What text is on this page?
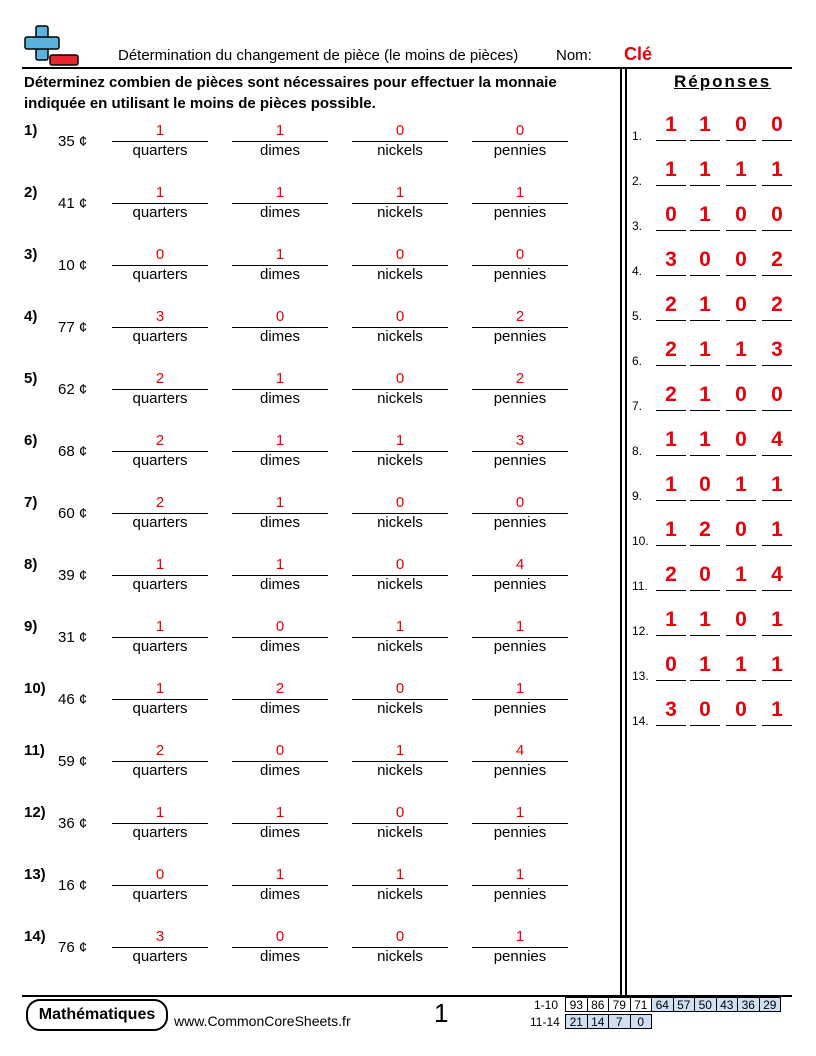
Détermination du changement de pièce (le moins de pièces)	Nom: Clé
Déterminez combien de pièces sont nécessaires pour effectuer la monnaie indiquée en utilisant le moins de pièces possible.
Réponses
1)
35 ¢
1
quarters
1
dimes
0
nickels
0
pennies
2)
41 ¢
1
quarters
1
dimes
1
nickels
1
pennies
3)
10 ¢
0
quarters
1
dimes
0
nickels
0
pennies
4)
77 ¢
3
quarters
0
dimes
0
nickels
2
pennies
5)
62 ¢
2
quarters
1
dimes
0
nickels
2
pennies
6)
68 ¢
2
quarters
1
dimes
1
nickels
3
pennies
7)
60 ¢
2
quarters
1
dimes
0
nickels
0
pennies
8)
39 ¢
1
quarters
1
dimes
0
nickels
4
pennies
9)
31 ¢
1
quarters
0
dimes
1
nickels
1
pennies
10)
46 ¢
1
quarters
2
dimes
0
nickels
1
pennies
11)
59 ¢
2
quarters
0
dimes
1
nickels
4
pennies
12)
36 ¢
1
quarters
1
dimes
0
nickels
1
pennies
13)
16 ¢
0
quarters
1
dimes
1
nickels
1
pennies
14)
76 ¢
3
quarters
0
dimes
0
nickels
1
pennies
1.	1	1	0	0
2.	1	1	1	1
3.	0	1	0	0
4.	3	0	0	2
5.	2	1	0	2
6.	2	1	1	3
7.	2	1	0	0
8.	1	1	0	4
9.	1	0	1	1
10. 1	2	0	1
11. 2	0	1	4
12. 1	1	0	1
13. 0	1	1	1
14. 3	0	0	1
Mathématiques	www.CommonCoreSheets.fr	1	1-10 93 86 79 71 64 57 50 43 36 29
11-14 21 14 7	0
